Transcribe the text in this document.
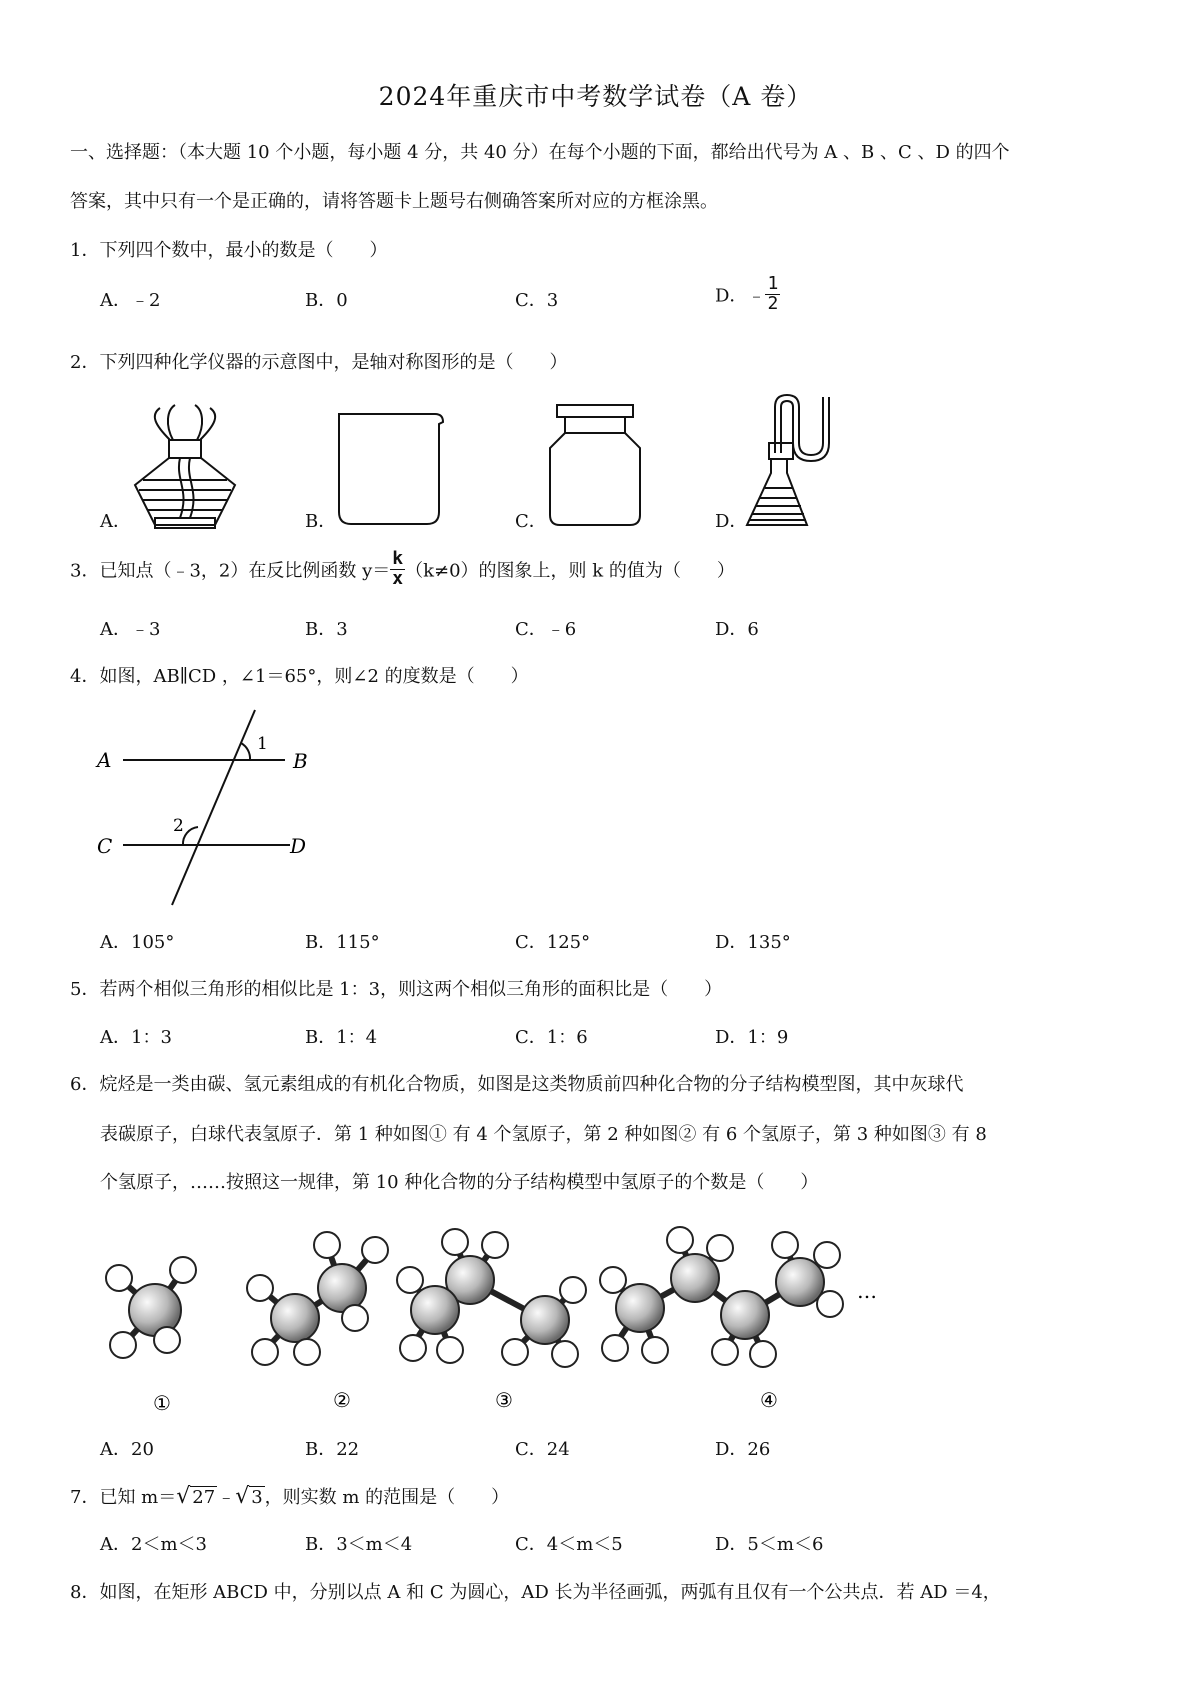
2024年重庆市中考数学试卷（A 卷）
一、选择题：（本大题 10 个小题，每小题 4 分，共 40 分）在每个小题的下面，都给出代号为 A 、B 、C 、D 的四个
答案，其中只有一个是正确的，请将答题卡上题号右侧确答案所对应的方框涂黑。
1．下列四个数中，最小的数是（　　）
A．﹣2	B．0	C．3	D．﹣ $\frac{1}{2}$
2．下列四种化学仪器的示意图中，是轴对称图形的是（　　）
A．	B．	C．	D．
3．已知点（﹣3，2）在反比例函数 $y= \frac{k}{x} (k\ne 0)$的图象上，则 k 的值为（　　）
A．﹣3	B．3	C．﹣6	D．6
4．如图，AB∥CD ，∠1＝65°，则∠2 的度数是（　　）
A	B
C	D
1
2
A．105°	B．115°	C．125°	D．135°
5．若两个相似三角形的相似比是 1：3，则这两个相似三角形的面积比是（　　）
A．1：3	B．1：4	C．1：6	D．1：9
6．烷烃是一类由碳、氢元素组成的有机化合物质，如图是这类物质前四种化合物的分子结构模型图，其中灰球代
表碳原子，白球代表氢原子．第 1 种如图① 有 4 个氢原子，第 2 种如图② 有 6 个氢原子，第 3 种如图③ 有 8
个氢原子，……按照这一规律，第 10 种化合物的分子结构模型中氢原子的个数是（　　）
…
①	②	③	④
A．20	B．22	C．24	D．26
7．已知 m＝√ 27 ﹣√ 3 ，则实数 m 的范围是（　　）
A．2＜m＜3	B．3＜m＜4	C．4＜m＜5	D．5＜m＜6
8．如图，在矩形 ABCD 中，分别以点 A 和 C 为圆心，AD 长为半径画弧，两弧有且仅有一个公共点．若 AD ＝4，
